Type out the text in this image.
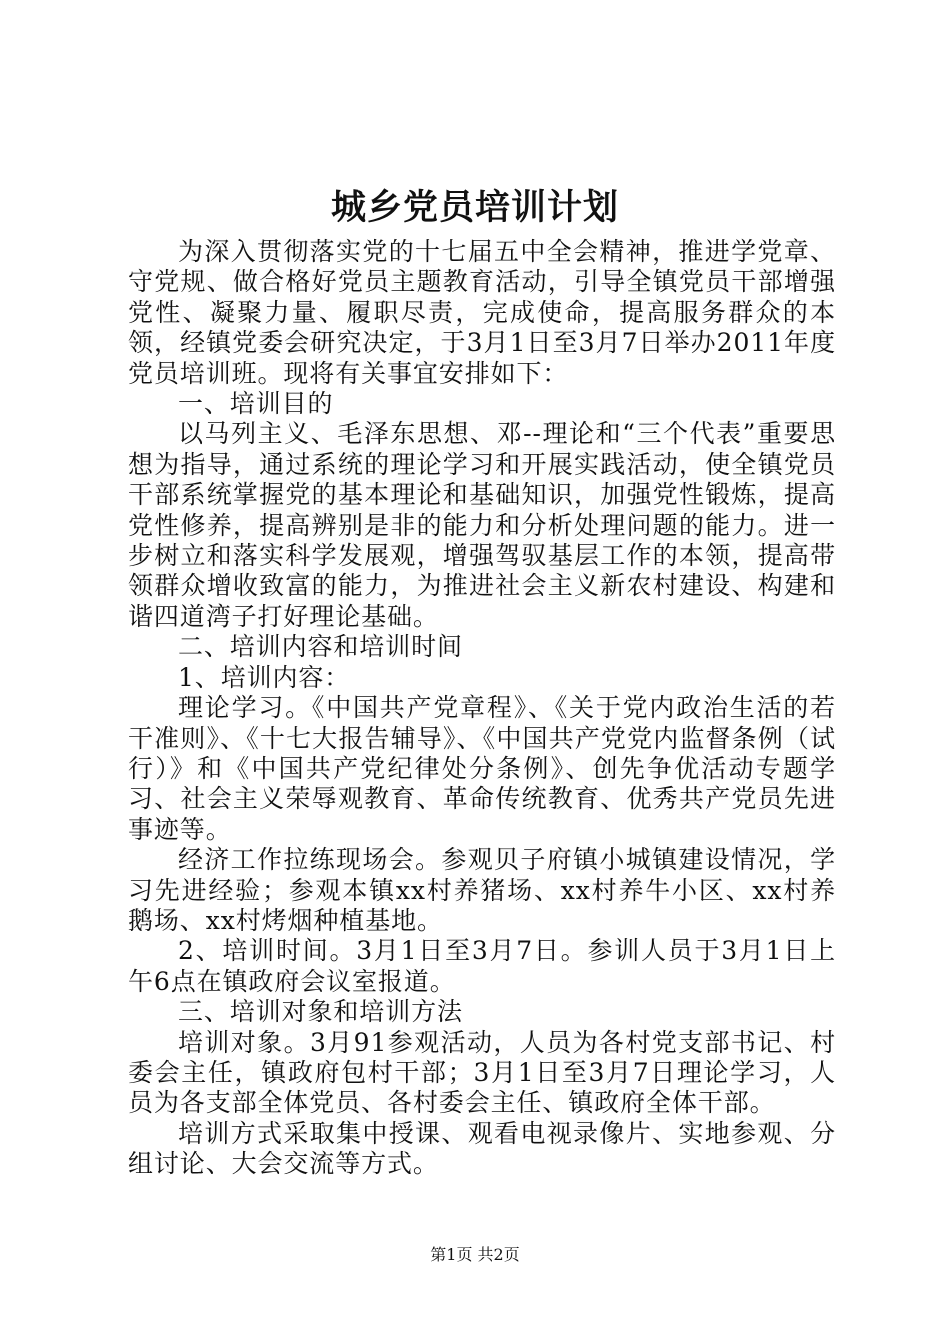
城乡党员培训计划

为深入贯彻落实党的十七届五中全会精神，推进学党章、守党规、做合格好党员主题教育活动，引导全镇党员干部增强党性、凝聚力量、履职尽责，完成使命，提高服务群众的本领，经镇党委会研究决定，于3月1日至3月7日举办2011年度党员培训班。现将有关事宜安排如下：

一、培训目的

以马列主义、毛泽东思想、邓--理论和“三个代表”重要思想为指导，通过系统的理论学习和开展实践活动，使全镇党员干部系统掌握党的基本理论和基础知识，加强党性锻炼，提高党性修养，提高辨别是非的能力和分析处理问题的能力。进一步树立和落实科学发展观，增强驾驭基层工作的本领，提高带领群众增收致富的能力，为推进社会主义新农村建设、构建和谐四道湾子打好理论基础。

二、培训内容和培训时间

1、培训内容：

理论学习。《中国共产党章程》、《关于党内政治生活的若干准则》、《十七大报告辅导》、《中国共产党党内监督条例（试行）》和《中国共产党纪律处分条例》、创先争优活动专题学习、社会主义荣辱观教育、革命传统教育、优秀共产党员先进事迹等。

经济工作拉练现场会。参观贝子府镇小城镇建设情况，学习先进经验；参观本镇xx村养猪场、xx村养牛小区、xx村养鹅场、xx村烤烟种植基地。

2、培训时间。3月1日至3月7日。参训人员于3月1日上午6点在镇政府会议室报道。

三、培训对象和培训方法

培训对象。3月91参观活动，人员为各村党支部书记、村委会主任，镇政府包村干部；3月1日至3月7日理论学习，人员为各支部全体党员、各村委会主任、镇政府全体干部。

培训方式采取集中授课、观看电视录像片、实地参观、分组讨论、大会交流等方式。

第1页 共2页
